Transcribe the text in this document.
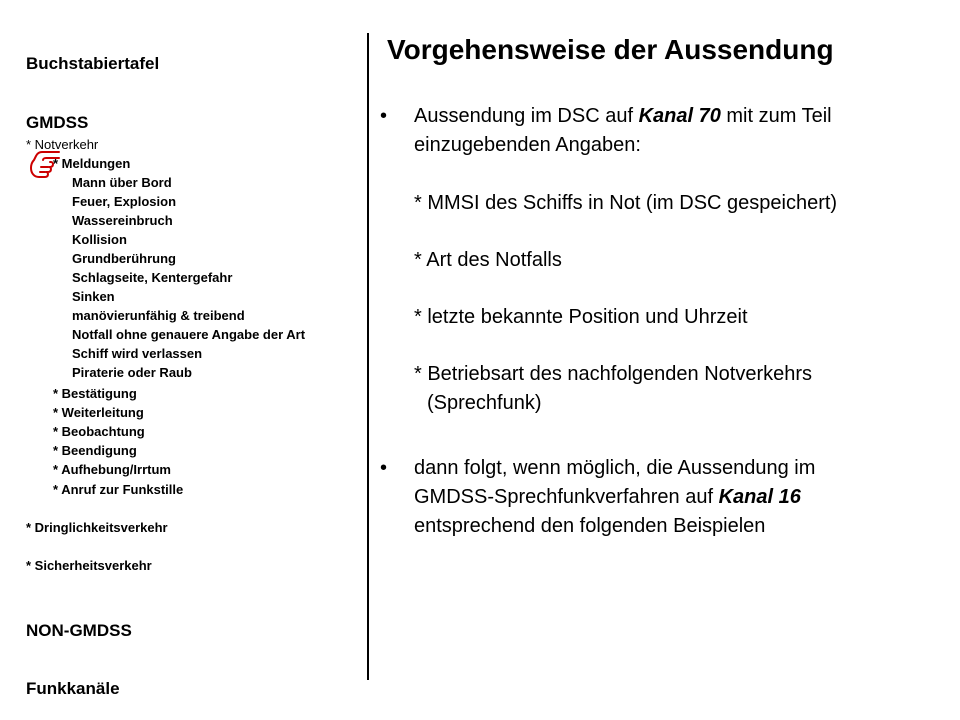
Buchstabiertafel
GMDSS
* Notverkehr
* Meldungen
Mann über Bord
Feuer, Explosion
Wassereinbruch
Kollision
Grundberührung
Schlagseite, Kentergefahr
Sinken
manövierunfähig & treibend
Notfall ohne genauere Angabe der Art
Schiff wird verlassen
Piraterie oder Raub
* Bestätigung
* Weiterleitung
* Beobachtung
* Beendigung
* Aufhebung/Irrtum
* Anruf zur Funkstille
* Dringlichkeitsverkehr
* Sicherheitsverkehr
NON-GMDSS
Funkkanäle
Vorgehensweise der Aussendung
• Aussendung im DSC auf Kanal 70 mit zum Teil
einzugebenden Angaben:
* MMSI des Schiffs in Not (im DSC gespeichert)
* Art des Notfalls
* letzte bekannte Position und Uhrzeit
* Betriebsart des nachfolgenden Notverkehrs
(Sprechfunk)
• dann folgt, wenn möglich, die Aussendung im
GMDSS-Sprechfunkverfahren auf Kanal 16
entsprechend den folgenden Beispielen
